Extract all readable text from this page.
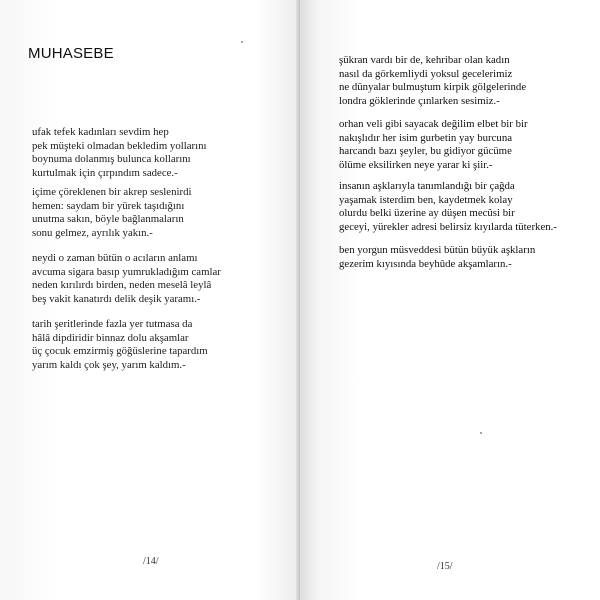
MUHASEBE
ufak tefek kadınları sevdim hep
pek müşteki olmadan bekledim yollarını
boynuma dolanmış bulunca kollarını
kurtulmak için çırpındım sadece.-
içime çöreklenen bir akrep seslenirdi
hemen: saydam bir yürek taşıdığını
unutma sakın, böyle bağlanmaların
sonu gelmez, ayrılık yakın.-
neydi o zaman bütün o acıların anlamı
avcuma sigara basıp yumrukladığım camlar
neden kırılırdı birden, neden meselâ leylâ
beş vakit kanatırdı delik deşik yaramı.-
tarih şeritlerinde fazla yer tutmasa da
hâlâ dipdiridir binnaz dolu akşamlar
üç çocuk emzirmiş göğüslerine tapardım
yarım kaldı çok şey, yarım kaldım.-
/14/
şükran vardı bir de, kehribar olan kadın
nasıl da görkemliydi yoksul gecelerimiz
ne dünyalar bulmuştum kirpik gölgelerinde
londra göklerinde çınlarken sesimiz.-
orhan veli gibi sayacak değilim elbet bir bir
nakışlıdır her isim gurbetin yay burcuna
harcandı bazı şeyler, bu gidiyor gücüme
ölüme eksilirken neye yarar ki şiir.-
insanın aşklarıyla tanımlandığı bir çağda
yaşamak isterdim ben, kaydetmek kolay
olurdu belki üzerine ay düşen mecûsi bir
geceyi, yürekler adresi belirsiz kıyılarda tüterken.-
ben yorgun müsveddesi bütün büyük aşkların
gezerim kıyısında beyhûde akşamların.-
/15/
